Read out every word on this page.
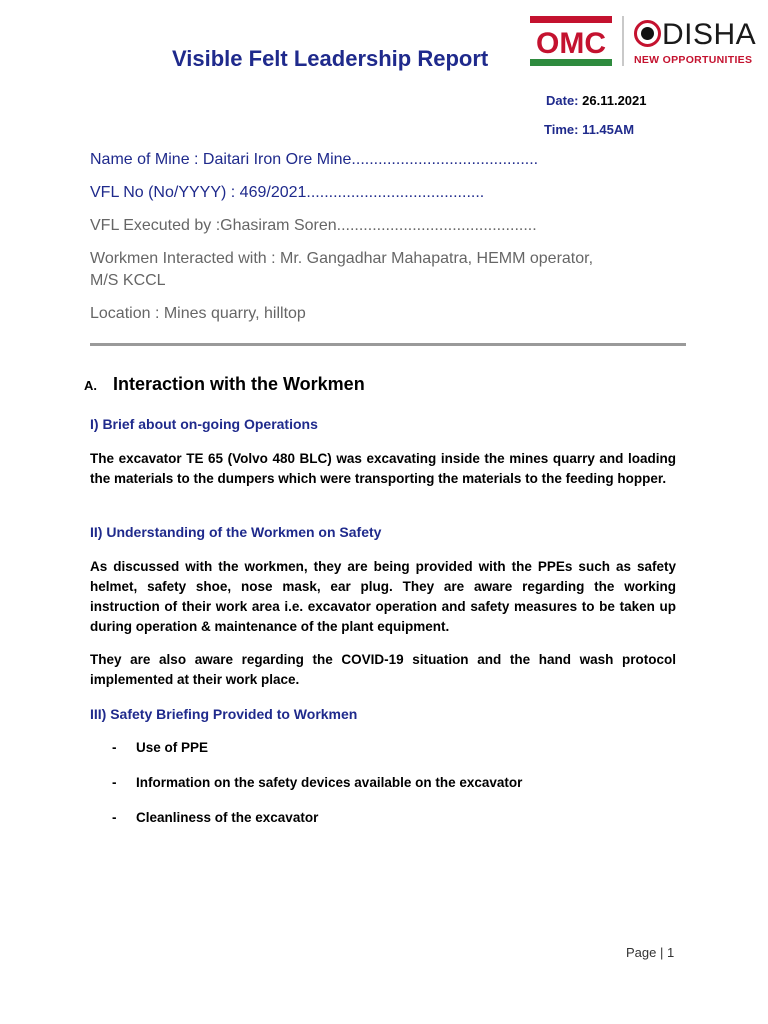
Visible Felt Leadership Report OMC	DISHA
NEW OPPORTUNITIES
Date: 26.11.2021
Time: 11.45AM
Name of Mine : Daitari Iron Ore Mine..........................................
VFL No (No/YYYY) : 469/2021........................................
VFL Executed by :Ghasiram Soren.............................................
Workmen Interacted with : Mr. Gangadhar Mahapatra, HEMM operator,
M/S KCCL
Location : Mines quarry, hilltop
A. Interaction with the Workmen
I) Brief about on-going Operations
The excavator TE 65 (Volvo 480 BLC) was excavating inside the mines quarry and loading the materials to the dumpers which were transporting the materials to the feeding hopper.
II) Understanding of the Workmen on Safety
As discussed with the workmen, they are being provided with the PPEs such as safety helmet, safety shoe, nose mask, ear plug. They are aware regarding the working instruction of their work area i.e. excavator operation and safety measures to be taken up during operation & maintenance of the plant equipment.
They are also aware regarding the COVID-19 situation and the hand wash protocol implemented at their work place.
III) Safety Briefing Provided to Workmen
- Use of PPE
- Information on the safety devices available on the excavator
- Cleanliness of the excavator
Page | 1
